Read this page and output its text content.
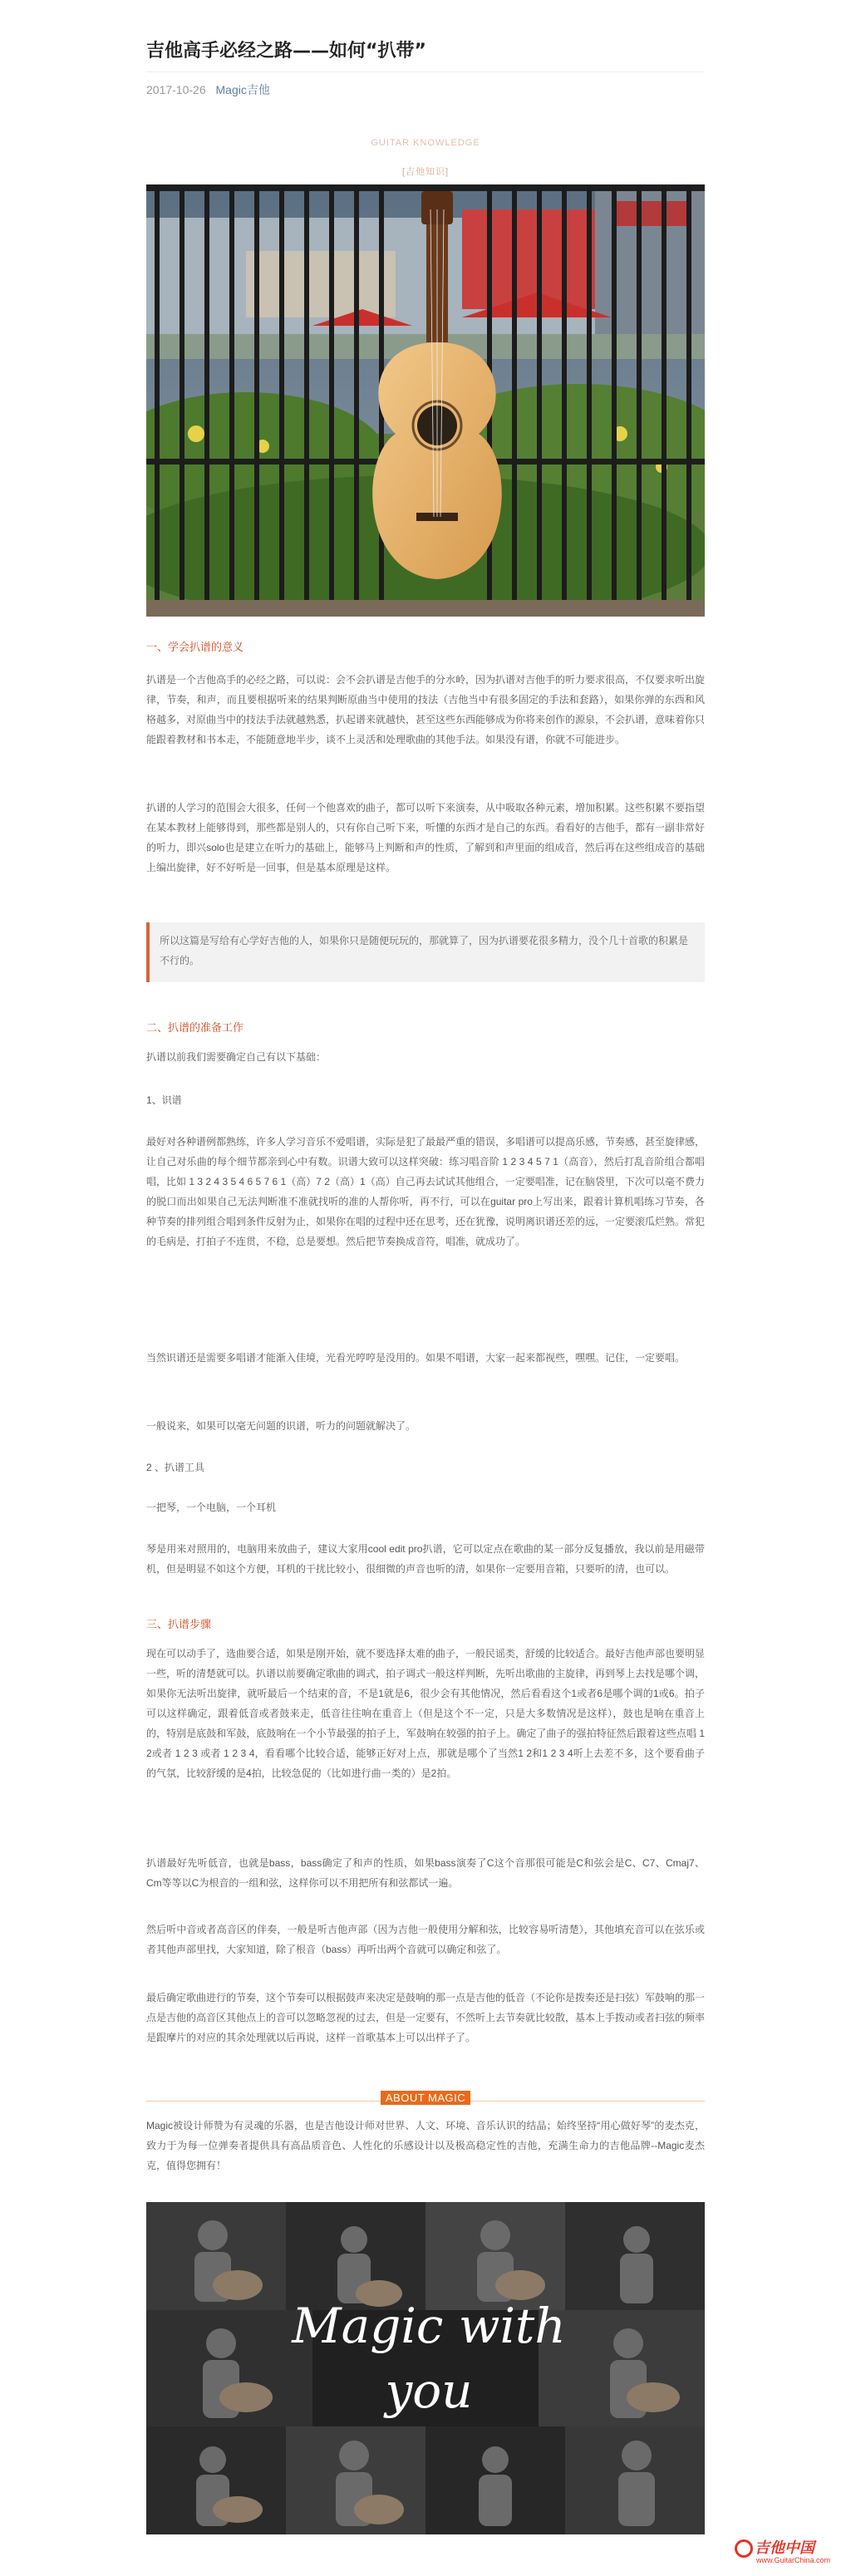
吉他高手必经之路——如何“扒带”
2017-10-26 Magic吉他
GUITAR KNOWLEDGE
[吉他知识]
一、学会扒谱的意义

扒谱是一个吉他高手的必经之路，可以说：会不会扒谱是吉他手的分水岭，因为扒谱对吉他手的听力要求很高，不仅要求听出旋律，节奏，和声，而且要根据听来的结果判断原曲当中使用的技法（吉他当中有很多固定的手法和套路），如果你弹的东西和风格越多，对原曲当中的技法手法就越熟悉，扒起谱来就越快，甚至这些东西能够成为你将来创作的源泉，不会扒谱，意味着你只能跟着教材和书本走，不能随意地半步，谈不上灵活和处理歌曲的其他手法。如果没有谱，你就不可能进步。

扒谱的人学习的范围会大很多，任何一个他喜欢的曲子，都可以听下来演奏，从中吸取各种元素，增加积累。这些积累不要指望在某本教材上能够得到，那些都是别人的，只有你自己听下来，听懂的东西才是自己的东西。看看好的吉他手，都有一副非常好的听力，即兴solo也是建立在听力的基础上，能够马上判断和声的性质，了解到和声里面的组成音，然后再在这些组成音的基础上编出旋律，好不好听是一回事，但是基本原理是这样。

所以这篇是写给有心学好吉他的人，如果你只是随便玩玩的，那就算了，因为扒谱要花很多精力，没个几十首歌的积累是不行的。
二、扒谱的准备工作

扒谱以前我们需要确定自己有以下基础：

1、识谱

最好对各种谱例都熟练，许多人学习音乐不爱唱谱，实际是犯了最最严重的错误，多唱谱可以提高乐感，节奏感，甚至旋律感，让自己对乐曲的每个细节都亲到心中有数。识谱大致可以这样突破：练习唱音阶 1 2 3 4 5 7 1（高音），然后打乱音阶组合都唱唱，比如 1 3 2 4 3 5 4 6 5 7 6 1（高）7 2（高）1（高）自己再去试试其他组合，一定要唱准，记在脑袋里，下次可以毫不费力的脱口而出如果自己无法判断准不准就找听的准的人帮你听，再不行，可以在guitar pro上写出来，跟着计算机唱练习节奏，各种节奏的排列组合唱到条件反射为止，如果你在唱的过程中还在思考，还在犹豫，说明离识谱还差的远，一定要滚瓜烂熟。常犯的毛病是，打拍子不连贯，不稳，总是要想。然后把节奏换成音符，唱准，就成功了。

当然识谱还是需要多唱谱才能渐入佳境，光看光哼哼是没用的。如果不唱谱，大家一起来都视些，嘿嘿。记住，一定要唱。

一般说来，如果可以毫无问题的识谱，听力的问题就解决了。

2 、扒谱工具

一把琴，一个电脑，一个耳机

琴是用来对照用的，电脑用来放曲子，建议大家用cool edit pro扒谱，它可以定点在歌曲的某一部分反复播放，我以前是用磁带机，但是明显不如这个方便，耳机的干扰比较小，很细微的声音也听的清，如果你一定要用音箱，只要听的清，也可以。

三、扒谱步骤

现在可以动手了，选曲要合适，如果是刚开始，就不要选择太难的曲子，一般民谣类，舒缓的比较适合。最好吉他声部也要明显一些，听的清楚就可以。扒谱以前要确定歌曲的调式，拍子调式一般这样判断，先听出歌曲的主旋律，再到琴上去找是哪个调，如果你无法听出旋律，就听最后一个结束的音，不是1就是6，很少会有其他情况，然后看看这个1或者6是哪个调的1或6。拍子可以这样确定，跟着低音或者鼓来走，低音往往响在重音上（但是这个不一定，只是大多数情况是这样），鼓也是响在重音上的，特别是底鼓和军鼓，底鼓响在一个小节最强的拍子上，军鼓响在较强的拍子上。确定了曲子的强拍特征然后跟着这些点唱 1 2或者 1 2 3 或者 1 2 3 4，看看哪个比较合适，能够正好对上点，那就是哪个了当然1 2和1 2 3 4听上去差不多，这个要看曲子的气氛，比较舒缓的是4拍，比较急促的（比如进行曲一类的）是2拍。

扒谱最好先听低音，也就是bass，bass确定了和声的性质，如果bass演奏了C这个音那很可能是C和弦会是C、C7、Cmaj7、Cm等等以C为根音的一组和弦，这样你可以不用把所有和弦都试一遍。

然后听中音或者高音区的伴奏，一般是听吉他声部（因为吉他一般使用分解和弦，比较容易听清楚），其他填充音可以在弦乐或者其他声部里找，大家知道，除了根音（bass）再听出两个音就可以确定和弦了。

最后确定歌曲进行的节奏，这个节奏可以根据鼓声来决定是鼓响的那一点是吉他的低音（不论你是拨奏还是扫弦）军鼓响的那一点是吉他的高音区其他点上的音可以忽略忽视的过去，但是一定要有，不然听上去节奏就比较散，基本上手拨动或者扫弦的频率是跟摩片的对应的其余处理就以后再说，这样一首歌基本上可以出样子了。

ABOUT MAGIC

Magic被设计师赞为有灵魂的乐器，也是吉他设计师对世界、人文、环境、音乐认识的结晶；始终坚持“用心做好琴”的麦杰克，致力于为每一位弹奏者提供具有高品质音色、人性化的乐感设计以及极高稳定性的吉他，充满生命力的吉他品牌--Magic麦杰克，值得您拥有！

Magic with you
吉他中国
www.GuitarChina.com
